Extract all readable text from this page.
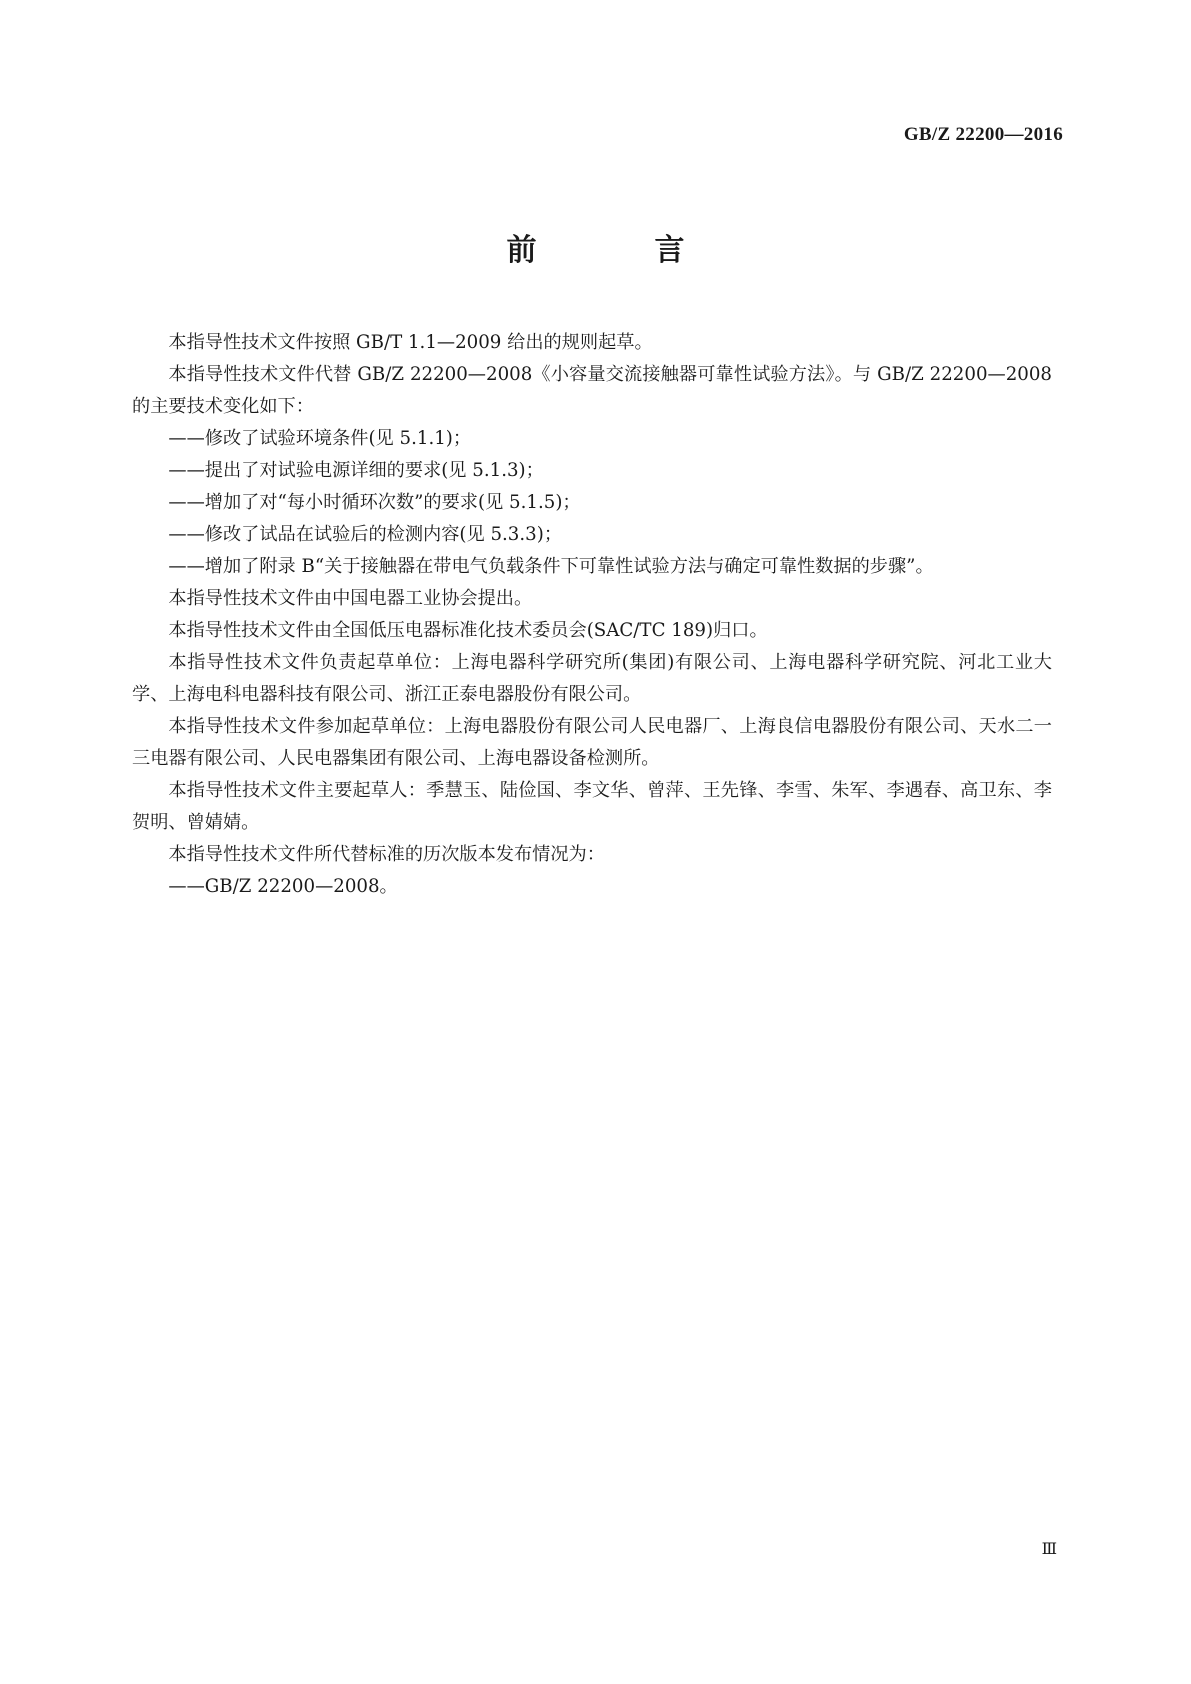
GB/Z 22200—2016
前　言

本指导性技术文件按照 GB/T 1.1—2009 给出的规则起草。

本指导性技术文件代替 GB/Z 22200—2008《小容量交流接触器可靠性试验方法》。与 GB/Z 22200—2008的主要技术变化如下：

——修改了试验环境条件(见 5.1.1)；

——提出了对试验电源详细的要求(见 5.1.3)；

——增加了对“每小时循环次数”的要求(见 5.1.5)；

——修改了试品在试验后的检测内容(见 5.3.3)；

——增加了附录 B“关于接触器在带电气负载条件下可靠性试验方法与确定可靠性数据的步骤”。

本指导性技术文件由中国电器工业协会提出。

本指导性技术文件由全国低压电器标准化技术委员会(SAC/TC 189)归口。

本指导性技术文件负责起草单位：上海电器科学研究所(集团)有限公司、上海电器科学研究院、河北工业大学、上海电科电器科技有限公司、浙江正泰电器股份有限公司。

本指导性技术文件参加起草单位：上海电器股份有限公司人民电器厂、上海良信电器股份有限公司、天水二一三电器有限公司、人民电器集团有限公司、上海电器设备检测所。

本指导性技术文件主要起草人：季慧玉、陆俭国、李文华、曾萍、王先锋、李雪、朱军、李遇春、高卫东、李贺明、曾婧婧。

本指导性技术文件所代替标准的历次版本发布情况为：

——GB/Z 22200—2008。

Ⅲ
